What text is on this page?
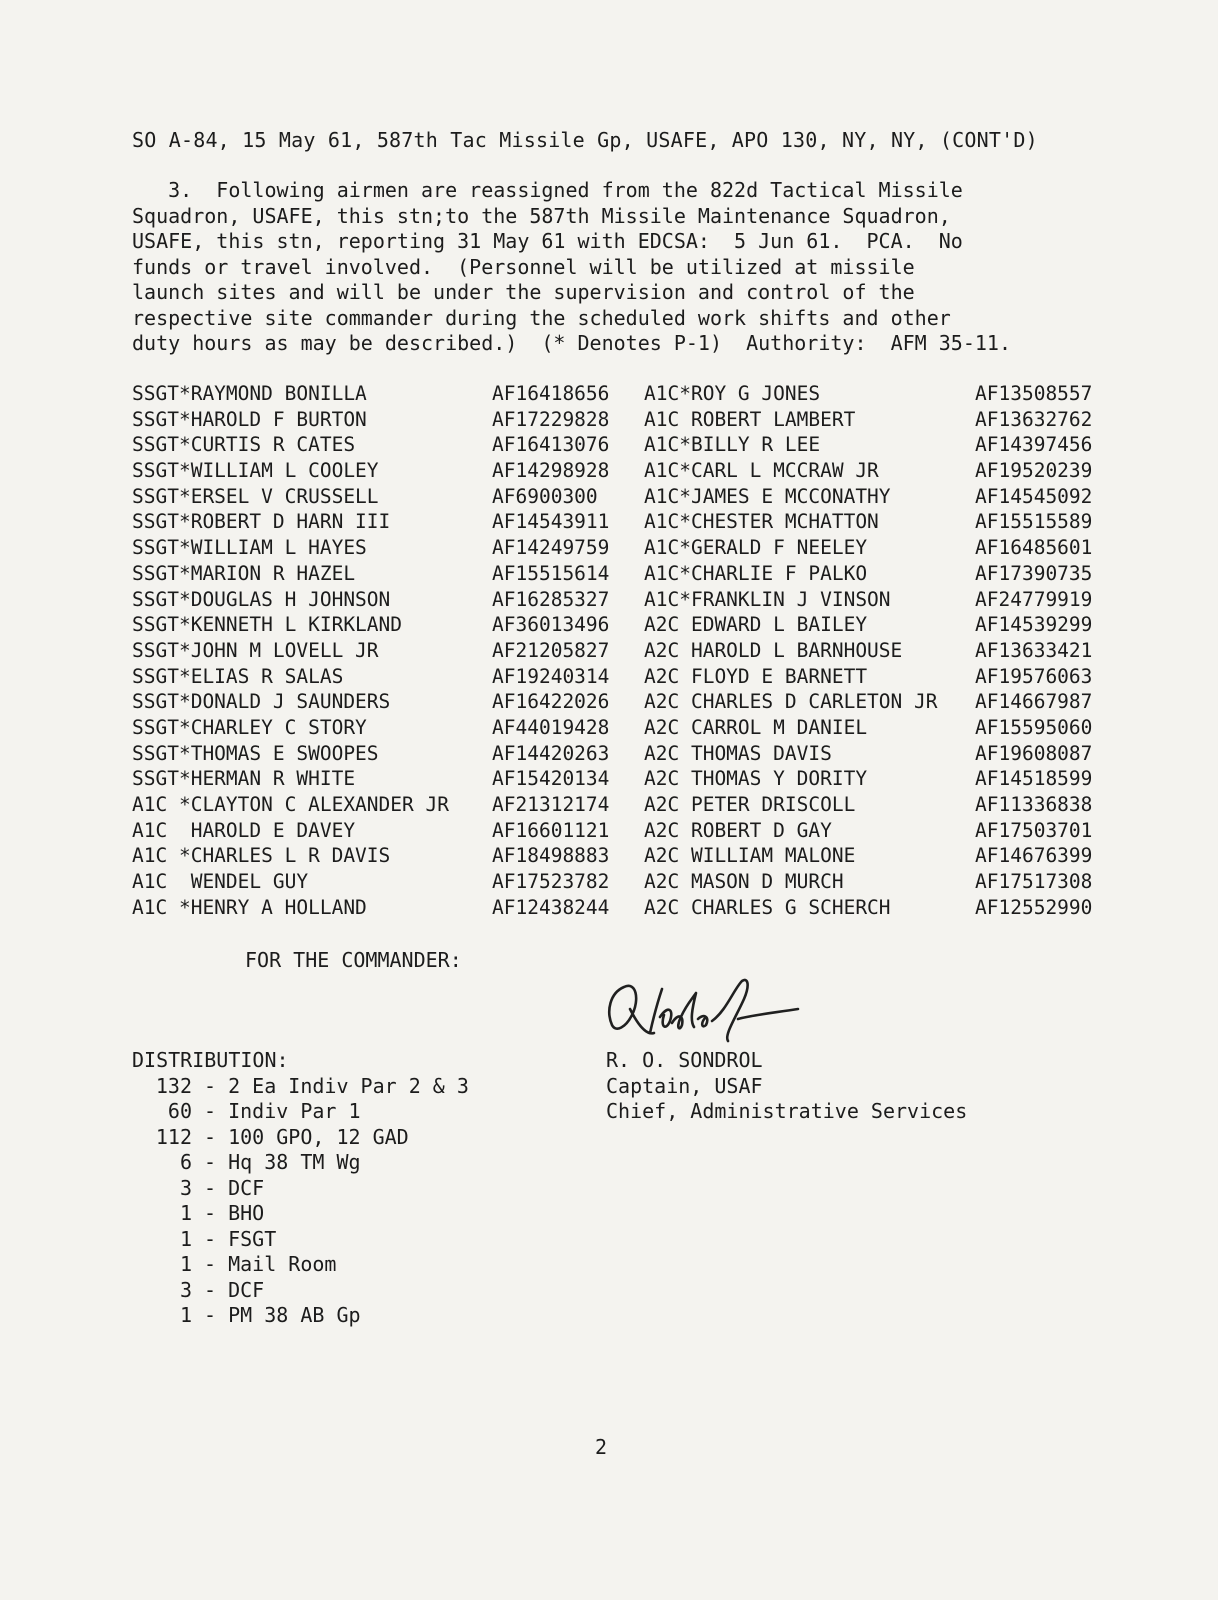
SO A-84, 15 May 61, 587th Tac Missile Gp, USAFE, APO 130, NY, NY, (CONT'D)
3.  Following airmen are reassigned from the 822d Tactical Missile
Squadron, USAFE, this stn;to the 587th Missile Maintenance Squadron,
USAFE, this stn, reporting 31 May 61 with EDCSA:  5 Jun 61.  PCA.  No
funds or travel involved.  (Personnel will be utilized at missile
launch sites and will be under the supervision and control of the
respective site commander during the scheduled work shifts and other
duty hours as may be described.)  (* Denotes P-1)  Authority:  AFM 35-11.
SSGT*RAYMOND BONILLA	AF16418656 A1C*ROY G JONES	AF13508557
SSGT*HAROLD F BURTON	AF17229828 A1C ROBERT LAMBERT	AF13632762
SSGT*CURTIS R CATES	AF16413076 A1C*BILLY R LEE	AF14397456
SSGT*WILLIAM L COOLEY	AF14298928 A1C*CARL L MCCRAW JR	AF19520239
SSGT*ERSEL V CRUSSELL	AF6900300 A1C*JAMES E MCCONATHY	AF14545092
SSGT*ROBERT D HARN III	AF14543911 A1C*CHESTER MCHATTON	AF15515589
SSGT*WILLIAM L HAYES	AF14249759 A1C*GERALD F NEELEY	AF16485601
SSGT*MARION R HAZEL	AF15515614 A1C*CHARLIE F PALKO	AF17390735
SSGT*DOUGLAS H JOHNSON	AF16285327 A1C*FRANKLIN J VINSON	AF24779919
SSGT*KENNETH L KIRKLAND	AF36013496 A2C EDWARD L BAILEY	AF14539299
SSGT*JOHN M LOVELL JR	AF21205827 A2C HAROLD L BARNHOUSE	AF13633421
SSGT*ELIAS R SALAS	AF19240314 A2C FLOYD E BARNETT	AF19576063
SSGT*DONALD J SAUNDERS	AF16422026 A2C CHARLES D CARLETON JR AF14667987
SSGT*CHARLEY C STORY	AF44019428 A2C CARROL M DANIEL	AF15595060
SSGT*THOMAS E SWOOPES	AF14420263 A2C THOMAS DAVIS	AF19608087
SSGT*HERMAN R WHITE	AF15420134 A2C THOMAS Y DORITY	AF14518599
A1C *CLAYTON C ALEXANDER JR AF21312174 A2C PETER DRISCOLL	AF11336838
A1C  HAROLD E DAVEY	AF16601121 A2C ROBERT D GAY	AF17503701
A1C *CHARLES L R DAVIS	AF18498883 A2C WILLIAM MALONE	AF14676399
A1C  WENDEL GUY	AF17523782 A2C MASON D MURCH	AF17517308
A1C *HENRY A HOLLAND	AF12438244 A2C CHARLES G SCHERCH	AF12552990
FOR THE COMMANDER:
DISTRIBUTION:
132 - 2 Ea Indiv Par 2 & 3
60 - Indiv Par 1
112 - 100 GPO, 12 GAD
6 - Hq 38 TM Wg
3 - DCF
1 - BHO
1 - FSGT
1 - Mail Room
3 - DCF
1 - PM 38 AB Gp
R. O. SONDROL
Captain, USAF
Chief, Administrative Services
2
